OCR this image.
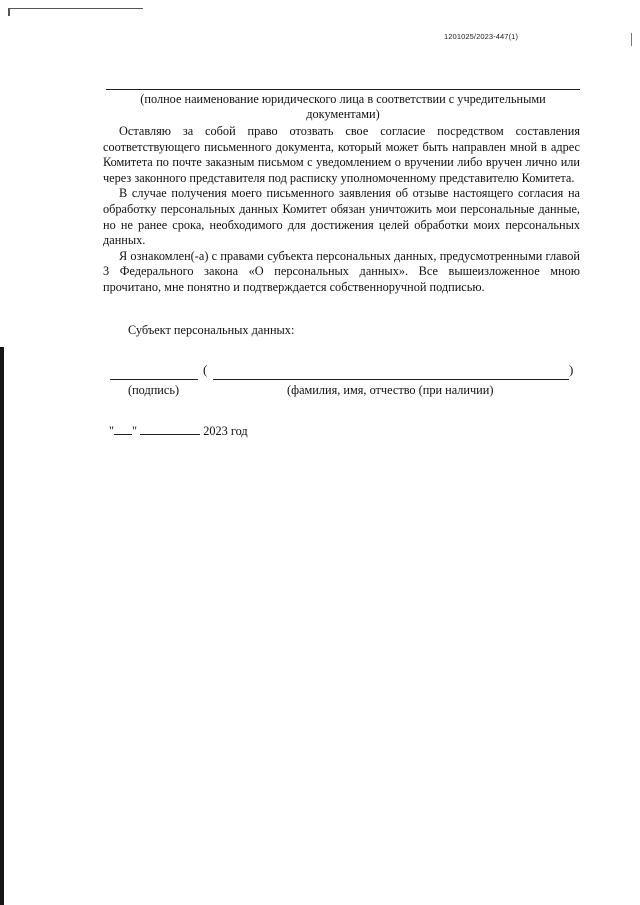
1201025/2023-447(1)
(полное наименование юридического лица в соответствии с учредительными
документами)

Оставляю за собой право отозвать свое согласие посредством составления соответствующего письменного документа, который может быть направлен мной в адрес Комитета по почте заказным письмом с уведомлением о вручении либо вручен лично или через законного представителя под расписку уполномоченному представителю Комитета.

В случае получения моего письменного заявления об отзыве настоящего согласия на обработку персональных данных Комитет обязан уничтожить мои персональные данные, но не ранее срока, необходимого для достижения целей обработки моих персональных данных.

Я ознакомлен(-а) с правами субъекта персональных данных, предусмотренными главой 3 Федерального закона «О персональных данных». Все вышеизложенное мною прочитано, мне понятно и подтверждается собственноручной подписью.

Субъект персональных данных:
(	)
(подпись)	(фамилия, имя, отчество (при наличии)
" "	2023 год
